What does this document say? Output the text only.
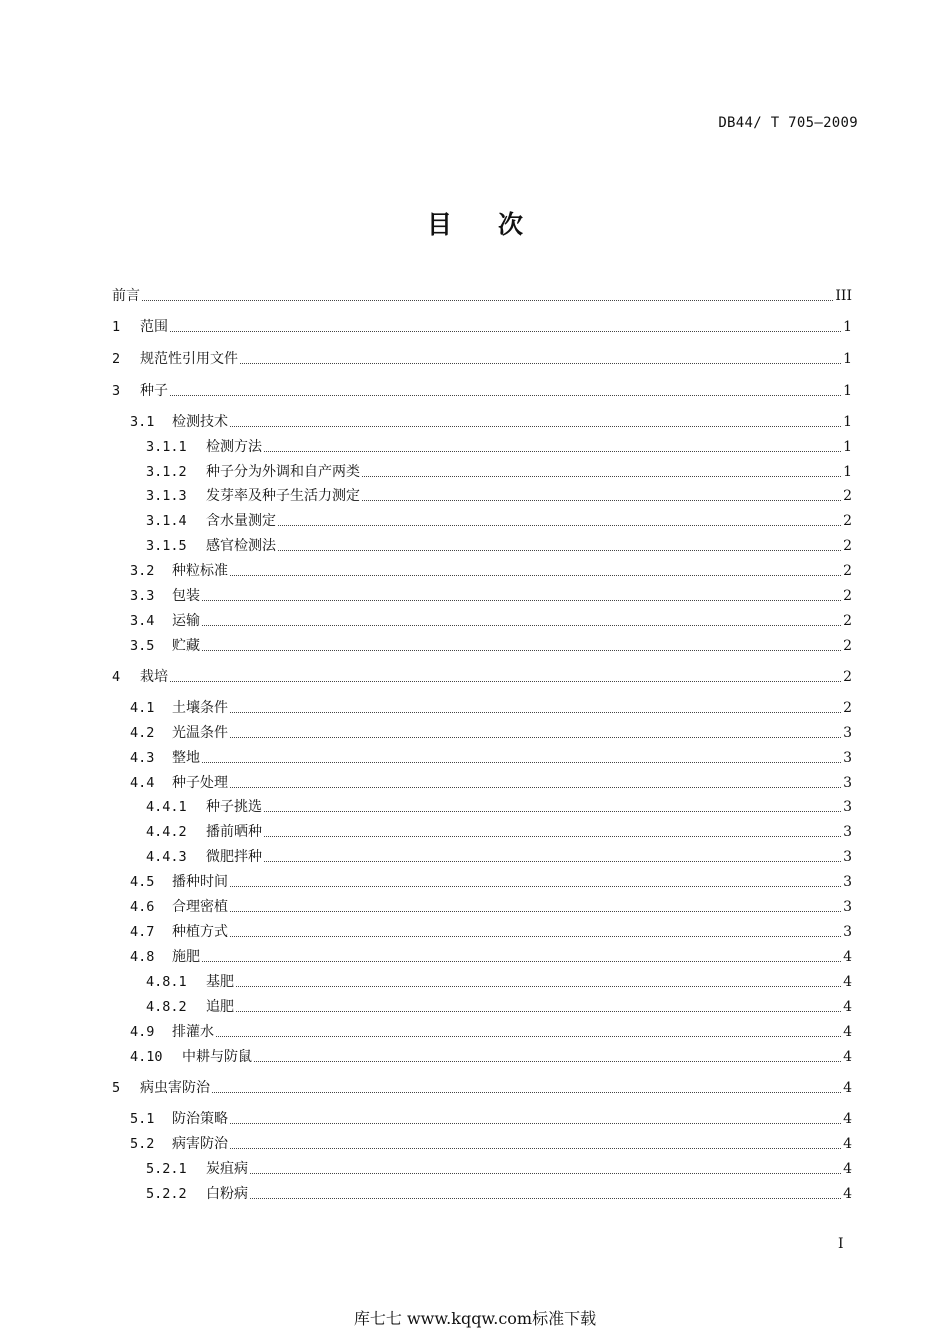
DB44/ T 705—2009
目 次
前言	III
1	范围	1
2	规范性引用文件	1
3	种子	1
3.1	检测技术	1
3.1.1	检测方法	1
3.1.2	种子分为外调和自产两类	1
3.1.3	发芽率及种子生活力测定	2
3.1.4	含水量测定	2
3.1.5	感官检测法	2
3.2	种粒标准	2
3.3	包装	2
3.4	运输	2
3.5	贮藏	2
4	栽培	2
4.1	土壤条件	2
4.2	光温条件	3
4.3	整地	3
4.4	种子处理	3
4.4.1	种子挑选	3
4.4.2	播前晒种	3
4.4.3	微肥拌种	3
4.5	播种时间	3
4.6	合理密植	3
4.7	种植方式	3
4.8	施肥	4
4.8.1	基肥	4
4.8.2	追肥	4
4.9	排灌水	4
4.10	中耕与防鼠	4
5	病虫害防治	4
5.1	防治策略	4
5.2	病害防治	4
5.2.1	炭疽病	4
5.2.2	白粉病	4
I
库七七 www.kqqw.com标准下载
